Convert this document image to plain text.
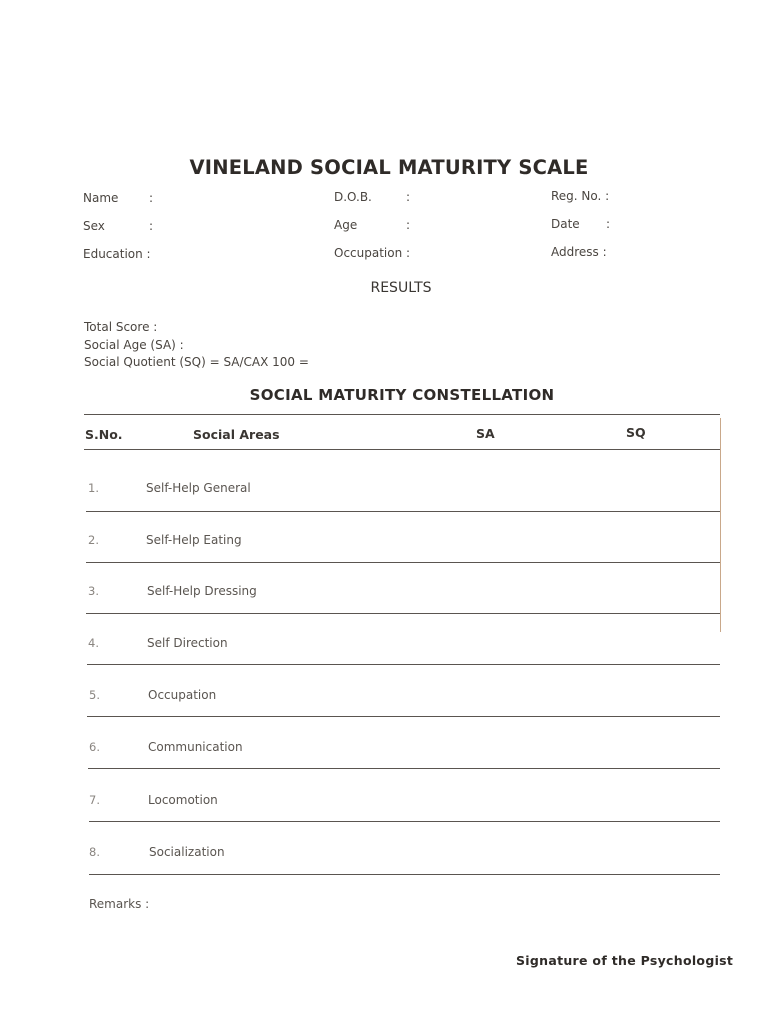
VINELAND SOCIAL MATURITY SCALE
Name	:	D.O.B.	:	Reg. No. :
Sex	:	Age	:	Date :
Education :	Occupation :	Address :
RESULTS
Total Score :
Social Age (SA) :
Social Quotient (SQ) = SA/CAX 100 =
SOCIAL MATURITY CONSTELLATION
S.No.	Social Areas	SA	SQ
1.	Self-Help General
2.	Self-Help Eating
3.	Self-Help Dressing
4.	Self Direction
5.	Occupation
6.	Communication
7.	Locomotion
8.	Socialization
Remarks :
Signature of the Psychologist
